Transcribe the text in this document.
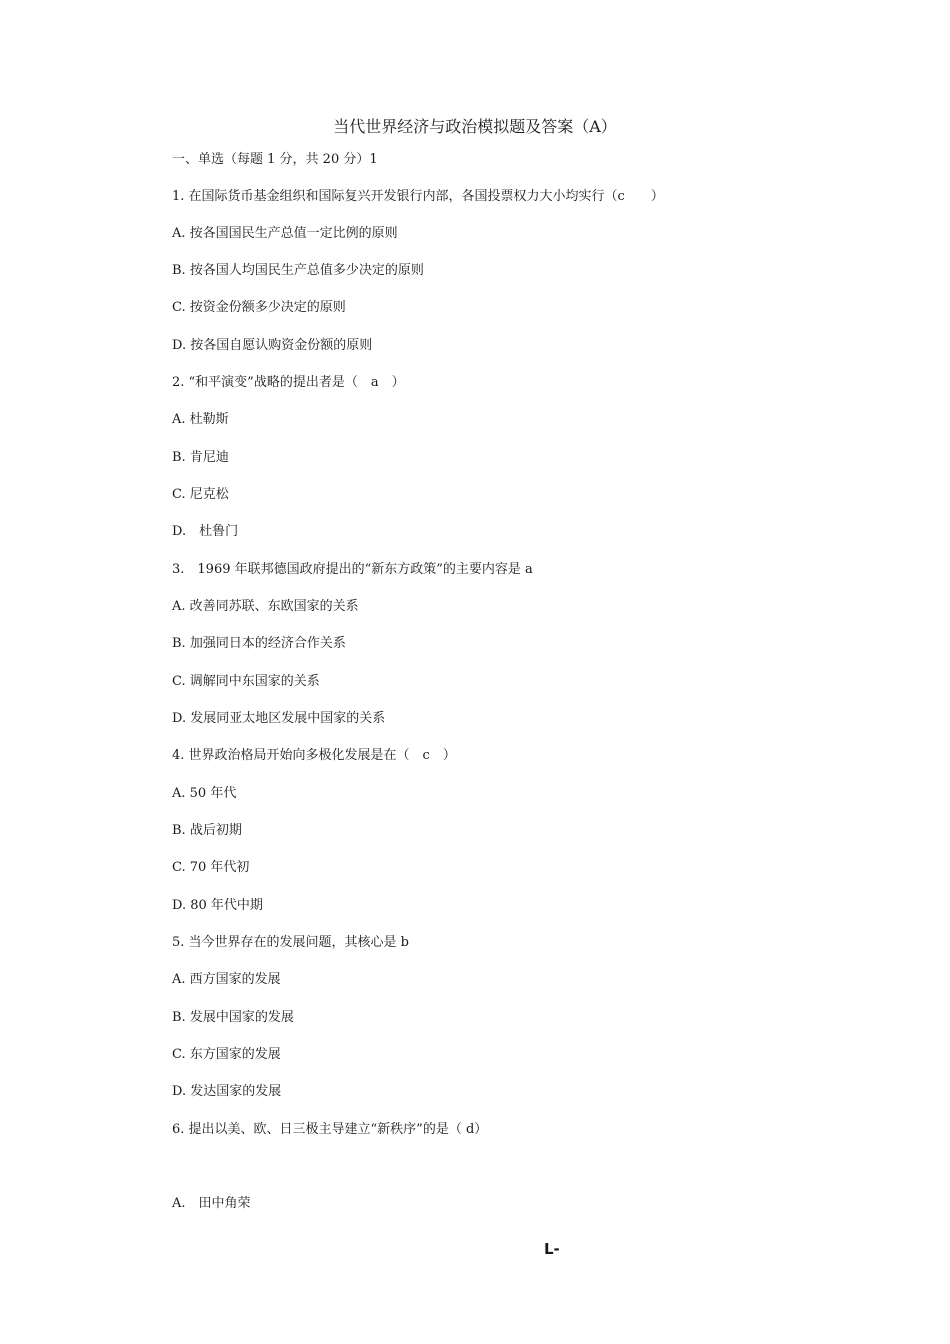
当代世界经济与政治模拟题及答案（A）
一、单选（每题 1 分，共 20 分）1
1. 在国际货币基金组织和国际复兴开发银行内部，各国投票权力大小均实行（c　　）
A. 按各国国民生产总值一定比例的原则
B. 按各国人均国民生产总值多少决定的原则
C. 按资金份额多少决定的原则
D. 按各国自愿认购资金份额的原则
2. “和平演变”战略的提出者是（　a　）
A. 杜勒斯
B. 肯尼迪
C. 尼克松
D.　杜鲁门
3.　1969 年联邦德国政府提出的“新东方政策”的主要内容是 a
A. 改善同苏联、东欧国家的关系
B. 加强同日本的经济合作关系
C. 调解同中东国家的关系
D. 发展同亚太地区发展中国家的关系
4. 世界政治格局开始向多极化发展是在（　c　）
A. 50 年代
B. 战后初期
C. 70 年代初
D. 80 年代中期
5. 当今世界存在的发展问题，其核心是 b
A. 西方国家的发展
B. 发展中国家的发展
C. 东方国家的发展
D. 发达国家的发展
6. 提出以美、欧、日三极主导建立“新秩序”的是（ d）
A.　田中角荣
L-
